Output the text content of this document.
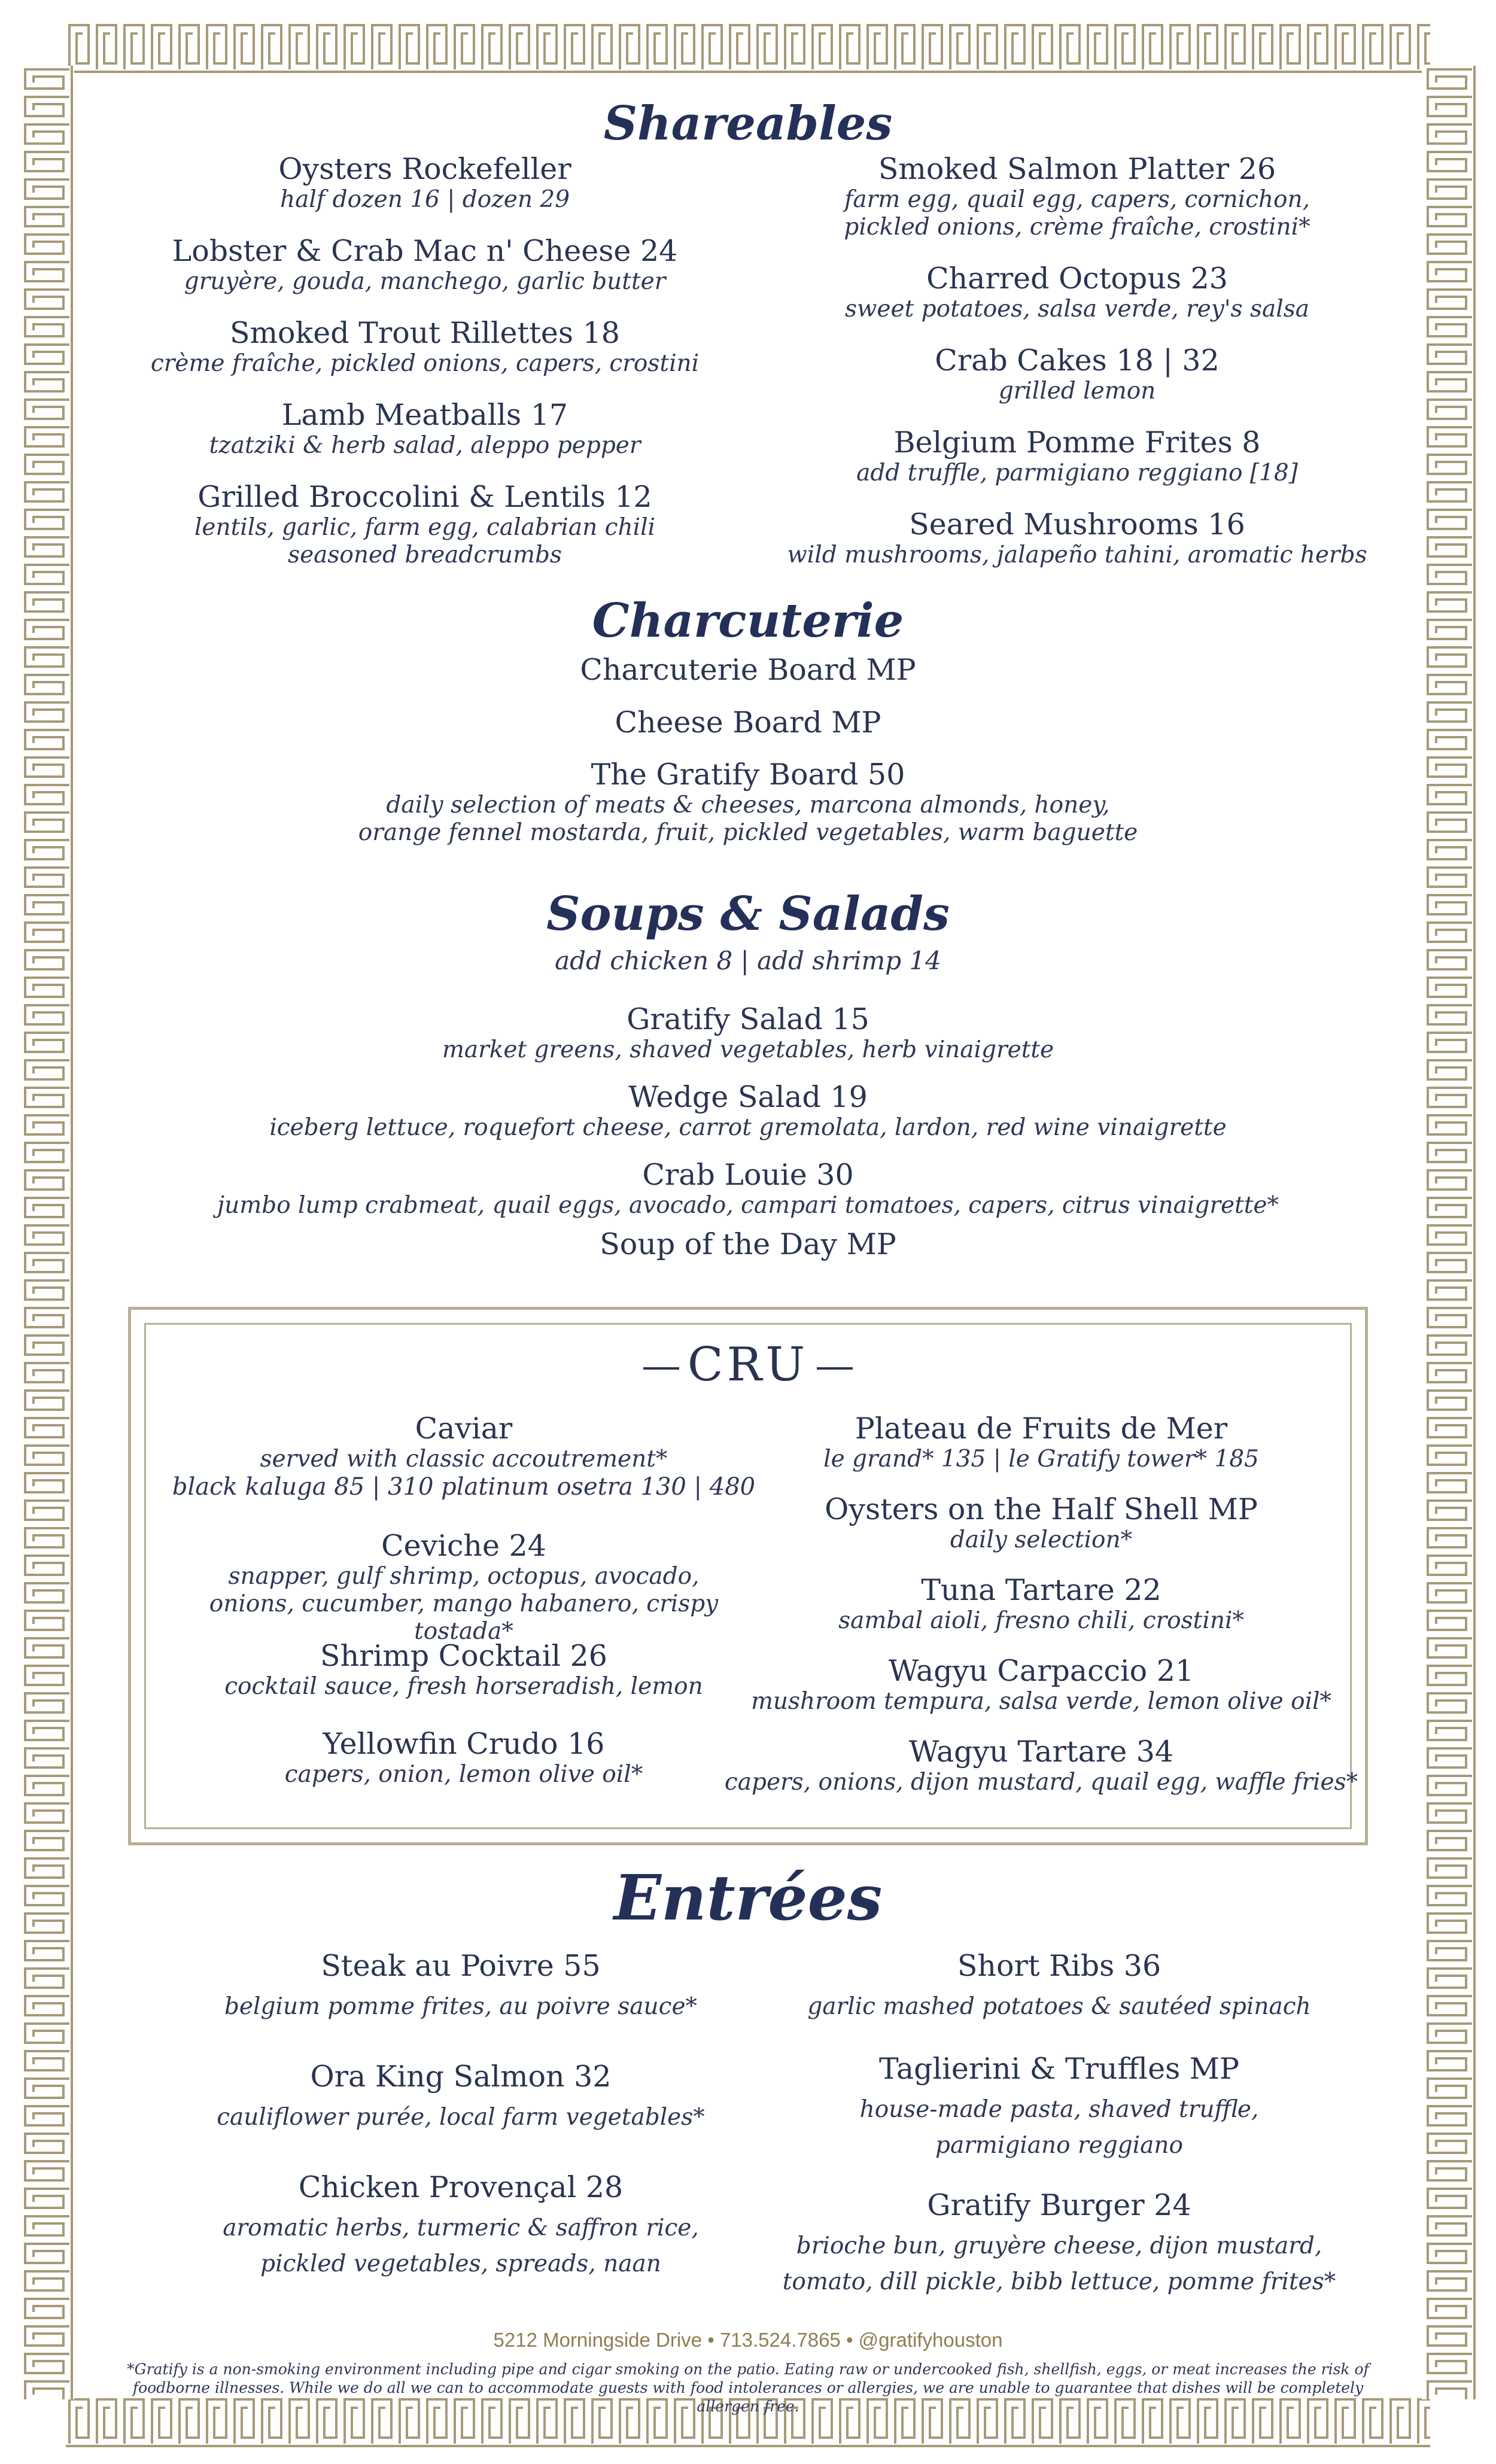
Shareables
Oysters Rockefeller
half dozen 16 | dozen 29
Lobster & Crab Mac n' Cheese 24
gruyère, gouda, manchego, garlic butter
Smoked Trout Rillettes 18
crème fraîche, pickled onions, capers, crostini
Lamb Meatballs 17
tzatziki & herb salad, aleppo pepper
Grilled Broccolini & Lentils 12
lentils, garlic, farm egg, calabrian chili
seasoned breadcrumbs
Smoked Salmon Platter 26
farm egg, quail egg, capers, cornichon,
pickled onions, crème fraîche, crostini*
Charred Octopus 23
sweet potatoes, salsa verde, rey's salsa
Crab Cakes 18 | 32
grilled lemon
Belgium Pomme Frites 8
add truffle, parmigiano reggiano [18]
Seared Mushrooms 16
wild mushrooms, jalapeño tahini, aromatic herbs
Charcuterie
Charcuterie Board MP
Cheese Board MP
The Gratify Board 50
daily selection of meats & cheeses, marcona almonds, honey,
orange fennel mostarda, fruit, pickled vegetables, warm baguette
Soups & Salads
add chicken 8 | add shrimp 14
Gratify Salad 15
market greens, shaved vegetables, herb vinaigrette
Wedge Salad 19
iceberg lettuce, roquefort cheese, carrot gremolata, lardon, red wine vinaigrette
Crab Louie 30
jumbo lump crabmeat, quail eggs, avocado, campari tomatoes, capers, citrus vinaigrette*
Soup of the Day MP
CRU
Caviar
served with classic accoutrement*
black kaluga 85 | 310 platinum osetra 130 | 480
Ceviche 24
snapper, gulf shrimp, octopus, avocado,
onions, cucumber, mango habanero, crispy tostada*
Shrimp Cocktail 26
cocktail sauce, fresh horseradish, lemon
Yellowfin Crudo 16
capers, onion, lemon olive oil*
Plateau de Fruits de Mer
le grand* 135 | le Gratify tower* 185
Oysters on the Half Shell MP
daily selection*
Tuna Tartare 22
sambal aioli, fresno chili, crostini*
Wagyu Carpaccio 21
mushroom tempura, salsa verde, lemon olive oil*
Wagyu Tartare 34
capers, onions, dijon mustard, quail egg, waffle fries*
Entrées
Steak au Poivre 55
belgium pomme frites, au poivre sauce*
Ora King Salmon 32
cauliflower purée, local farm vegetables*
Chicken Provençal 28
aromatic herbs, turmeric & saffron rice,
pickled vegetables, spreads, naan
Short Ribs 36
garlic mashed potatoes & sautéed spinach
Taglierini & Truffles MP
house-made pasta, shaved truffle,
parmigiano reggiano
Gratify Burger 24
brioche bun, gruyère cheese, dijon mustard,
tomato, dill pickle, bibb lettuce, pomme frites*
5212 Morningside Drive • 713.524.7865 • @gratifyhouston
*Gratify is a non-smoking environment including pipe and cigar smoking on the patio. Eating raw or undercooked fish, shellfish, eggs, or meat increases the risk of
foodborne illnesses. While we do all we can to accommodate guests with food intolerances or allergies, we are unable to guarantee that dishes will be completely allergen free.
